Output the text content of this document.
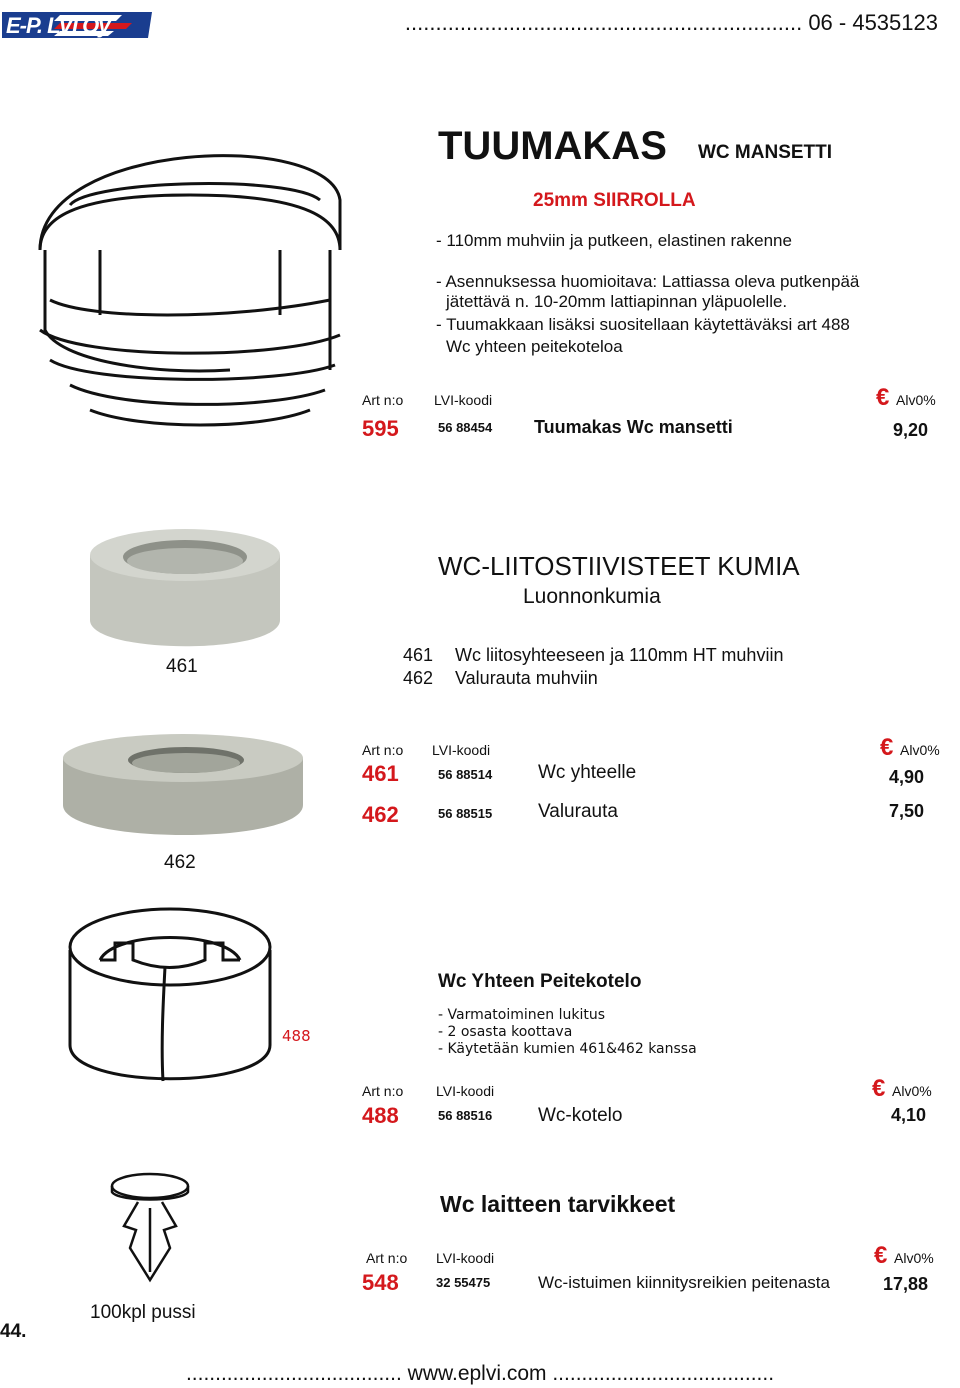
E-P. LVI Oy	................................................................. 06 - 4535123
TUUMAKAS WC MANSETTI
25mm SIIRROLLA
- 110mm muhviin ja putkeen, elastinen rakenne
- Asennuksessa huomioitava: Lattiassa oleva putkenpää
jätettävä n. 10-20mm lattiapinnan yläpuolelle.
- Tuumakkaan lisäksi suositellaan käytettäväksi art 488
Wc yhteen peitekoteloa
Art n:o LVI-koodi	€ Alv0%
595	56 88454 Tuumakas Wc mansetti	9,20
461
462
WC-LIITOSTIIVISTEET KUMIA
Luonnonkumia
461 Wc liitosyhteeseen ja 110mm HT muhviin
462 Valurauta muhviin
Art n:o LVI-koodi	€ Alv0%
461	56 88514 Wc yhteelle	4,90
462	56 88515 Valurauta	7,50
488
Wc Yhteen Peitekotelo
- Varmatoiminen lukitus
- 2 osasta koottava
- Käytetään kumien 461&462 kanssa
Art n:o LVI-koodi	€ Alv0%
488	56 88516 Wc-kotelo	4,10
100kpl pussi
Wc laitteen tarvikkeet
Art n:o LVI-koodi	€ Alv0%
548	32 55475	Wc-istuimen kiinnitysreikien peitenasta	17,88
44.
..................................... www.eplvi.com ......................................
